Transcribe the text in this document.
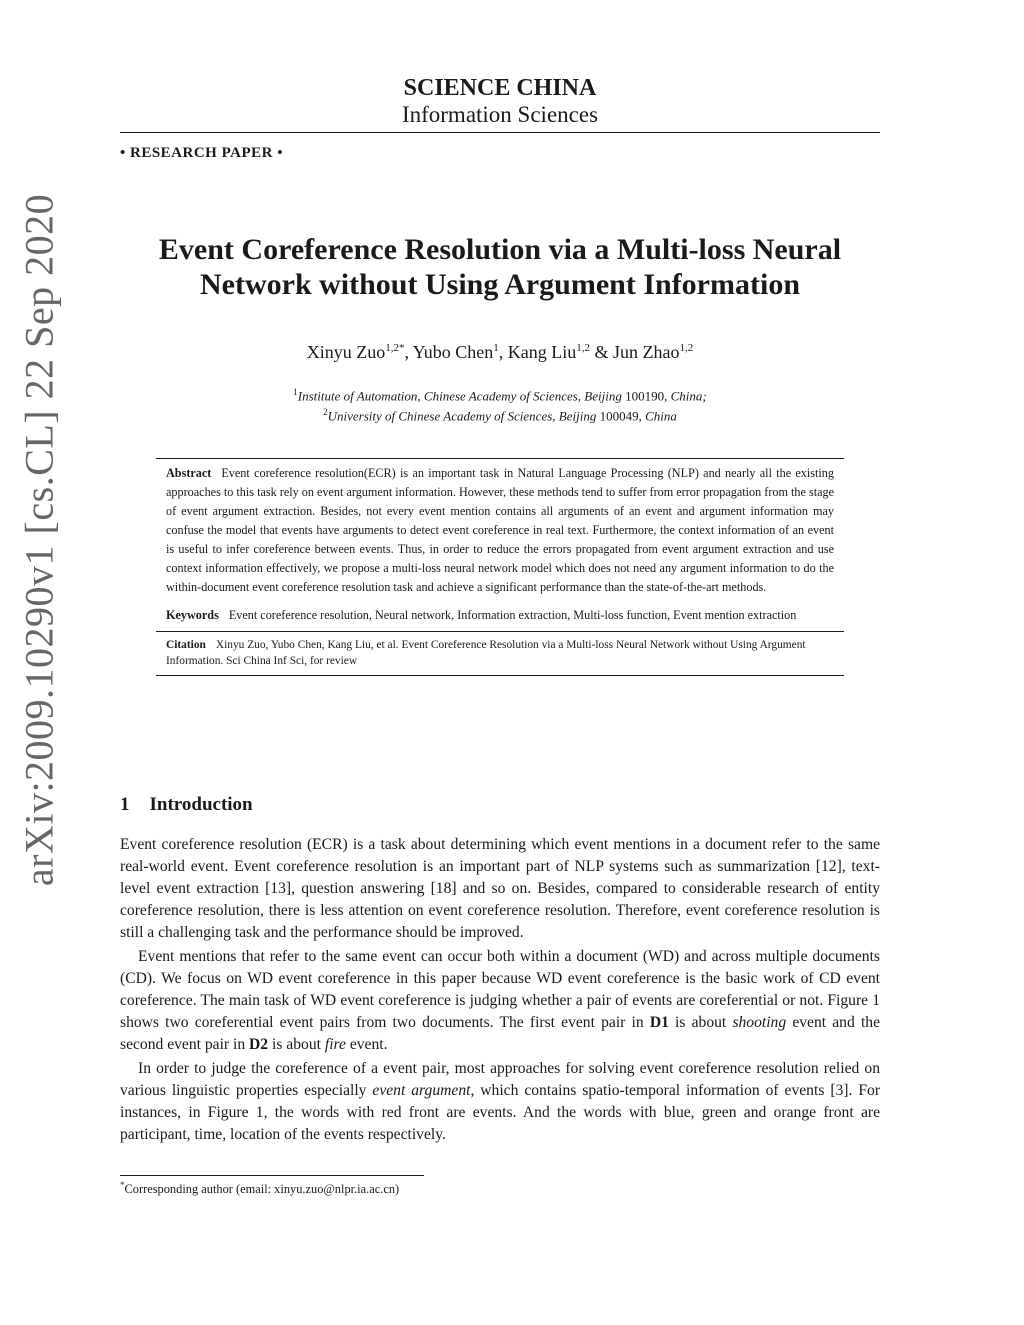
arXiv:2009.10290v1 [cs.CL] 22 Sep 2020
SCIENCE CHINA
Information Sciences
• RESEARCH PAPER •
Event Coreference Resolution via a Multi-loss Neural
Network without Using Argument Information
Xinyu Zuo$^{1,2*}$, Yubo Chen$^1$, Kang Liu$^{1,2}$ & Jun Zhao$^{1,2}$
$^1$Institute of Automation, Chinese Academy of Sciences, Beijing 100190, China;
$^2$University of Chinese Academy of Sciences, Beijing 100049, China
Abstract Event coreference resolution(ECR) is an important task in Natural Language Processing (NLP) and nearly all the existing approaches to this task rely on event argument information. However, these methods tend to suffer from error propagation from the stage of event argument extraction. Besides, not every event mention contains all arguments of an event and argument information may confuse the model that events have arguments to detect event coreference in real text. Furthermore, the context information of an event is useful to infer coreference between events. Thus, in order to reduce the errors propagated from event argument extraction and use context information effectively, we propose a multi-loss neural network model which does not need any argument information to do the within-document event coreference resolution task and achieve a significant performance than the state-of-the-art methods.
Keywords Event coreference resolution, Neural network, Information extraction, Multi-loss function, Event mention extraction
Citation Xinyu Zuo, Yubo Chen, Kang Liu, et al. Event Coreference Resolution via a Multi-loss Neural Network without Using Argument Information. Sci China Inf Sci, for review
1 Introduction

Event coreference resolution (ECR) is a task about determining which event mentions in a document refer to the same real-world event. Event coreference resolution is an important part of NLP systems such as summarization [12], text-level event extraction [13], question answering [18] and so on. Besides, compared to considerable research of entity coreference resolution, there is less attention on event coreference resolution. Therefore, event coreference resolution is still a challenging task and the performance should be improved.

Event mentions that refer to the same event can occur both within a document (WD) and across multiple documents (CD). We focus on WD event coreference in this paper because WD event coreference is the basic work of CD event coreference. The main task of WD event coreference is judging whether a pair of events are coreferential or not. Figure 1 shows two coreferential event pairs from two documents. The first event pair in D1 is about shooting event and the second event pair in D2 is about fire event.

In order to judge the coreference of a event pair, most approaches for solving event coreference resolution relied on various linguistic properties especially event argument, which contains spatio-temporal information of events [3]. For instances, in Figure 1, the words with red front are events. And the words with blue, green and orange front are participant, time, location of the events respectively.

*Corresponding author (email: xinyu.zuo@nlpr.ia.ac.cn)
